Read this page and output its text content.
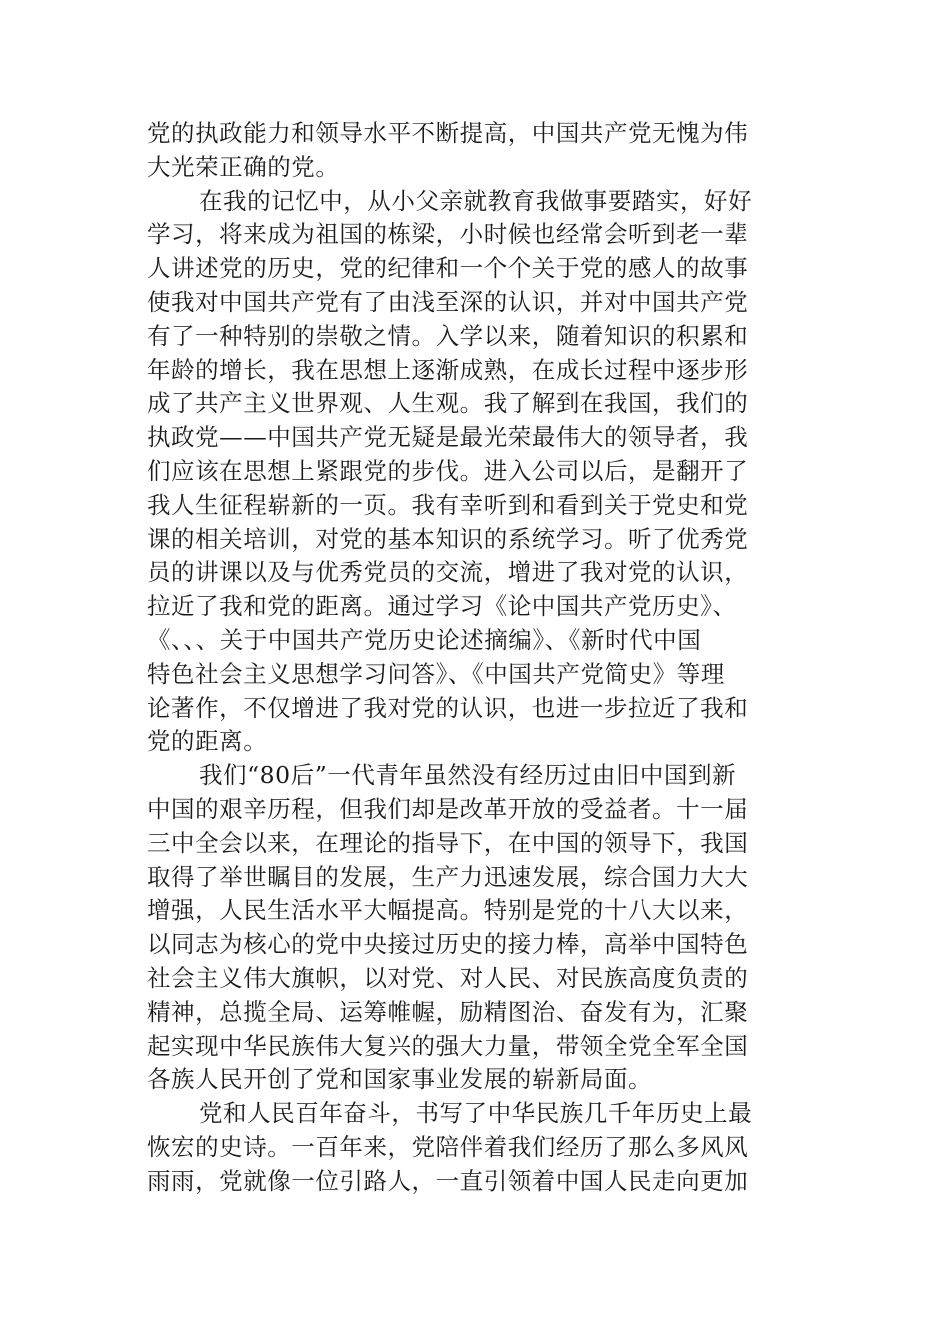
党的执政能力和领导水平不断提高，中国共产党无愧为伟
大光荣正确的党。
在我的记忆中，从小父亲就教育我做事要踏实，好好
学习，将来成为祖国的栋梁，小时候也经常会听到老一辈
人讲述党的历史，党的纪律和一个个关于党的感人的故事
使我对中国共产党有了由浅至深的认识，并对中国共产党
有了一种特别的崇敬之情。入学以来，随着知识的积累和
年龄的增长，我在思想上逐渐成熟，在成长过程中逐步形
成了共产主义世界观、人生观。我了解到在我国，我们的
执政党——中国共产党无疑是最光荣最伟大的领导者，我
们应该在思想上紧跟党的步伐。进入公司以后，是翻开了
我人生征程崭新的一页。我有幸听到和看到关于党史和党
课的相关培训，对党的基本知识的系统学习。听了优秀党
员的讲课以及与优秀党员的交流，增进了我对党的认识，
拉近了我和党的距离。通过学习《论中国共产党历史》、
《、、、关于中国共产党历史论述摘编》、《新时代中国
特色社会主义思想学习问答》、《中国共产党简史》等理
论著作，不仅增进了我对党的认识，也进一步拉近了我和
党的距离。
我们“80后”一代青年虽然没有经历过由旧中国到新
中国的艰辛历程，但我们却是改革开放的受益者。十一届
三中全会以来，在理论的指导下，在中国的领导下，我国
取得了举世瞩目的发展，生产力迅速发展，综合国力大大
增强，人民生活水平大幅提高。特别是党的十八大以来，
以同志为核心的党中央接过历史的接力棒，高举中国特色
社会主义伟大旗帜，以对党、对人民、对民族高度负责的
精神，总揽全局、运筹帷幄，励精图治、奋发有为，汇聚
起实现中华民族伟大复兴的强大力量，带领全党全军全国
各族人民开创了党和国家事业发展的崭新局面。
党和人民百年奋斗，书写了中华民族几千年历史上最
恢宏的史诗。一百年来，党陪伴着我们经历了那么多风风
雨雨，党就像一位引路人，一直引领着中国人民走向更加
